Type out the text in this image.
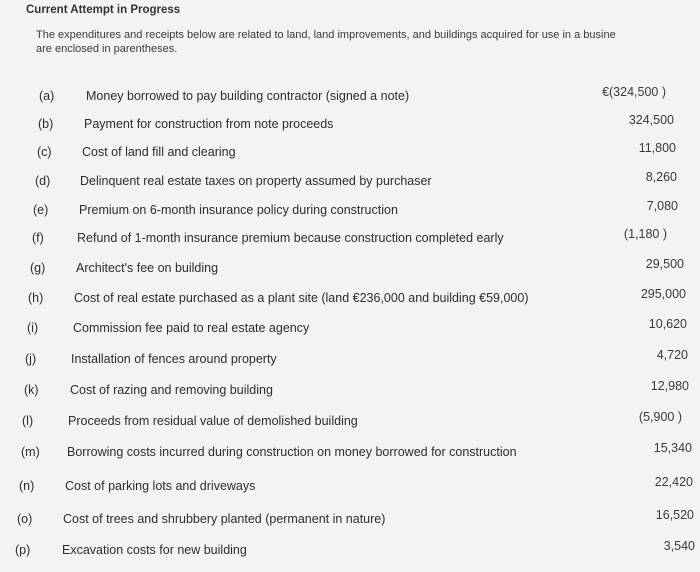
Current Attempt in Progress
The expenditures and receipts below are related to land, land improvements, and buildings acquired for use in a busine
are enclosed in parentheses.
(a)	Money borrowed to pay building contractor (signed a note)	€(324,500 )
(b) Payment for construction from note proceeds	324,500
(c) Cost of land fill and clearing	11,800
(d) Delinquent real estate taxes on property assumed by purchaser	8,260
(e) Premium on 6-month insurance policy during construction	7,080
(f)	Refund of 1-month insurance premium because construction completed early	(1,180 )
(g) Architect's fee on building	29,500
(h) Cost of real estate purchased as a plant site (land €236,000 and building €59,000)	295,000
(i)	Commission fee paid to real estate agency	10,620
(j)	Installation of fences around property	4,720
(k)	Cost of razing and removing building	12,980
(l)	Proceeds from residual value of demolished building	(5,900 )
(m) Borrowing costs incurred during construction on money borrowed for construction	15,340
(n) Cost of parking lots and driveways	22,420
(o) Cost of trees and shrubbery planted (permanent in nature)	16,520
(p)	Excavation costs for new building	3,540
